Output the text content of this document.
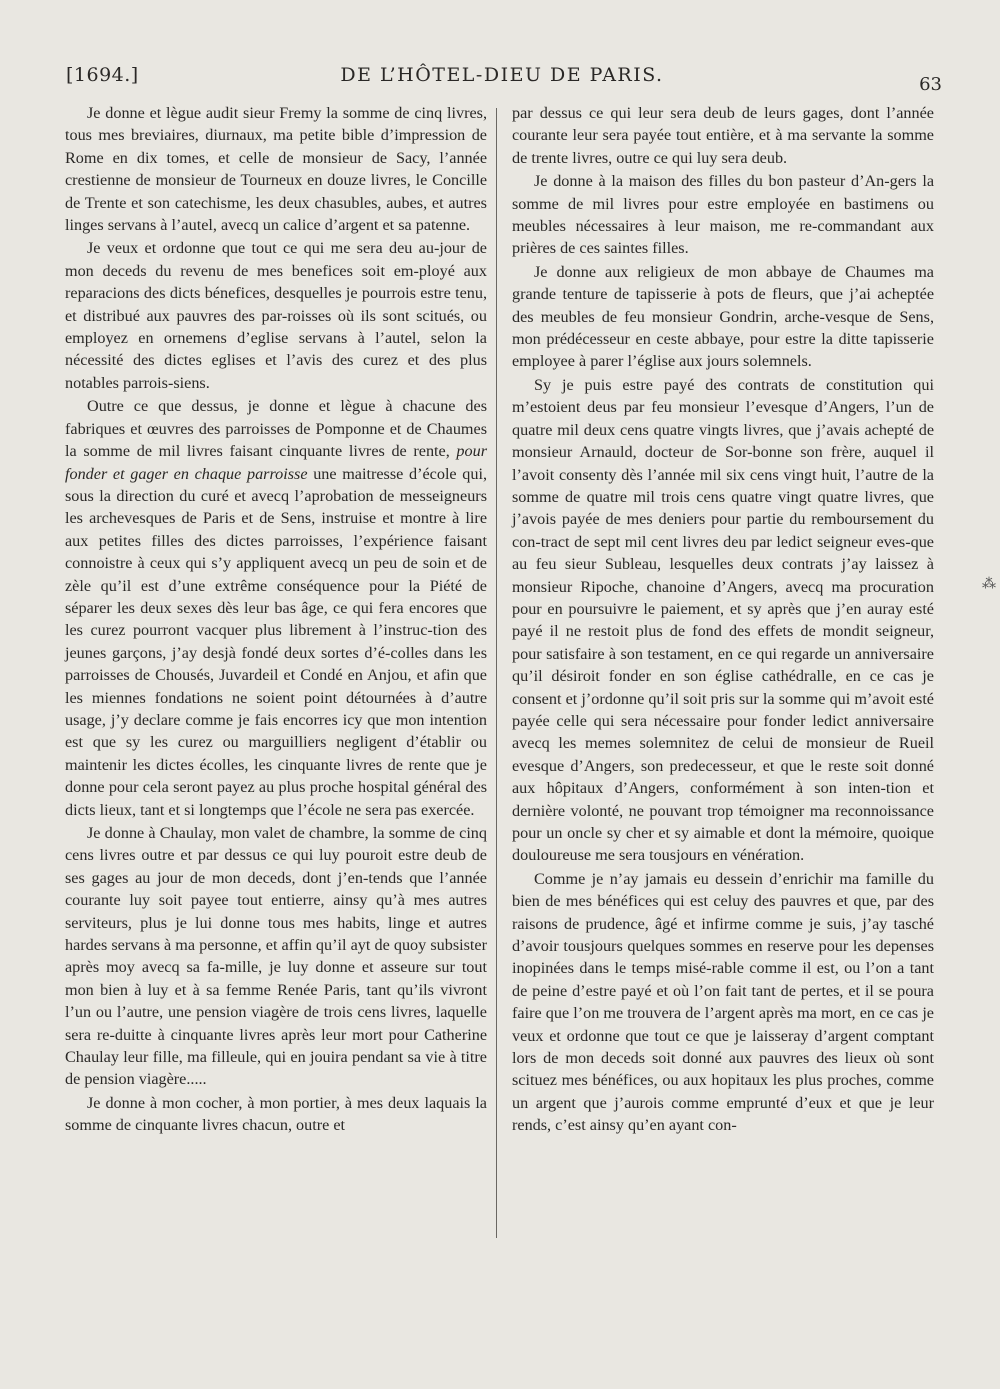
[1694.]	DE L’HÔTEL-DIEU DE PARIS.	63

Je donne et lègue audit sieur Fremy la somme de cinq livres, tous mes breviaires, diurnaux, ma petite bible d’impression de Rome en dix tomes, et celle de monsieur de Sacy, l’année crestienne de monsieur de Tourneux en douze livres, le Concille de Trente et son catechisme, les deux chasubles, aubes, et autres linges servans à l’autel, avecq un calice d’argent et sa patenne.

Je veux et ordonne que tout ce qui me sera deu au-jour de mon deceds du revenu de mes benefices soit em-ployé aux reparacions des dicts bénefices, desquelles je pourrois estre tenu, et distribué aux pauvres des par-roisses où ils sont scitués, ou employez en ornemens d’eglise servans à l’autel, selon la nécessité des dictes eglises et l’avis des curez et des plus notables parrois-siens.

Outre ce que dessus, je donne et lègue à chacune des fabriques et œuvres des parroisses de Pomponne et de Chaumes la somme de mil livres faisant cinquante livres de rente, pour fonder et gager en chaque parroisse une maitresse d’école qui, sous la direction du curé et avecq l’aprobation de messeigneurs les archevesques de Paris et de Sens, instruise et montre à lire aux petites filles des dictes parroisses, l’expérience faisant connoistre à ceux qui s’y appliquent avecq un peu de soin et de zèle qu’il est d’une extrême conséquence pour la Piété de séparer les deux sexes dès leur bas âge, ce qui fera encores que les curez pourront vacquer plus librement à l’instruc-tion des jeunes garçons, j’ay desjà fondé deux sortes d’é-colles dans les parroisses de Chousés, Juvardeil et Condé en Anjou, et afin que les miennes fondations ne soient point détournées à d’autre usage, j’y declare comme je fais encorres icy que mon intention est que sy les curez ou marguilliers negligent d’établir ou maintenir les dictes écolles, les cinquante livres de rente que je donne pour cela seront payez au plus proche hospital général des dicts lieux, tant et si longtemps que l’école ne sera pas exercée.

Je donne à Chaulay, mon valet de chambre, la somme de cinq cens livres outre et par dessus ce qui luy pouroit estre deub de ses gages au jour de mon deceds, dont j’en-tends que l’année courante luy soit payee tout entierre, ainsy qu’à mes autres serviteurs, plus je lui donne tous mes habits, linge et autres hardes servans à ma personne, et affin qu’il ayt de quoy subsister après moy avecq sa fa-mille, je luy donne et asseure sur tout mon bien à luy et à sa femme Renée Paris, tant qu’ils vivront l’un ou l’autre, une pension viagère de trois cens livres, laquelle sera re-duitte à cinquante livres après leur mort pour Catherine Chaulay leur fille, ma filleule, qui en jouira pendant sa vie à titre de pension viagère.....

Je donne à mon cocher, à mon portier, à mes deux laquais la somme de cinquante livres chacun, outre et

par dessus ce qui leur sera deub de leurs gages, dont l’année courante leur sera payée tout entière, et à ma servante la somme de trente livres, outre ce qui luy sera deub.

Je donne à la maison des filles du bon pasteur d’An-gers la somme de mil livres pour estre employée en bastimens ou meubles nécessaires à leur maison, me re-commandant aux prières de ces saintes filles.

Je donne aux religieux de mon abbaye de Chaumes ma grande tenture de tapisserie à pots de fleurs, que j’ai acheptée des meubles de feu monsieur Gondrin, arche-vesque de Sens, mon prédécesseur en ceste abbaye, pour estre la ditte tapisserie employee à parer l’église aux jours solemnels.

Sy je puis estre payé des contrats de constitution qui m’estoient deus par feu monsieur l’evesque d’Angers, l’un de quatre mil deux cens quatre vingts livres, que j’avais achepté de monsieur Arnauld, docteur de Sor-bonne son frère, auquel il l’avoit consenty dès l’année mil six cens vingt huit, l’autre de la somme de quatre mil trois cens quatre vingt quatre livres, que j’avois payée de mes deniers pour partie du remboursement du con-tract de sept mil cent livres deu par ledict seigneur eves-que au feu sieur Subleau, lesquelles deux contrats j’ay laissez à monsieur Ripoche, chanoine d’Angers, avecq ma procuration pour en poursuivre le paiement, et sy après que j’en auray esté payé il ne restoit plus de fond des effets de mondit seigneur, pour satisfaire à son testament, en ce qui regarde un anniversaire qu’il désiroit fonder en son église cathédralle, en ce cas je consent et j’ordonne qu’il soit pris sur la somme qui m’avoit esté payée celle qui sera nécessaire pour fonder ledict anniversaire avecq les memes solemnitez de celui de monsieur de Rueil evesque d’Angers, son predecesseur, et que le reste soit donné aux hôpitaux d’Angers, conformément à son inten-tion et dernière volonté, ne pouvant trop témoigner ma reconnoissance pour un oncle sy cher et sy aimable et dont la mémoire, quoique douloureuse me sera tousjours en vénération.

Comme je n’ay jamais eu dessein d’enrichir ma famille du bien de mes bénéfices qui est celuy des pauvres et que, par des raisons de prudence, âgé et infirme comme je suis, j’ay tasché d’avoir tousjours quelques sommes en reserve pour les depenses inopinées dans le temps misé-rable comme il est, ou l’on a tant de peine d’estre payé et où l’on fait tant de pertes, et il se poura faire que l’on me trouvera de l’argent après ma mort, en ce cas je veux et ordonne que tout ce que je laisseray d’argent comptant lors de mon deceds soit donné aux pauvres des lieux où sont scituez mes bénéfices, ou aux hopitaux les plus proches, comme un argent que j’aurois comme emprunté d’eux et que je leur rends, c’est ainsy qu’en ayant con-

⁂
